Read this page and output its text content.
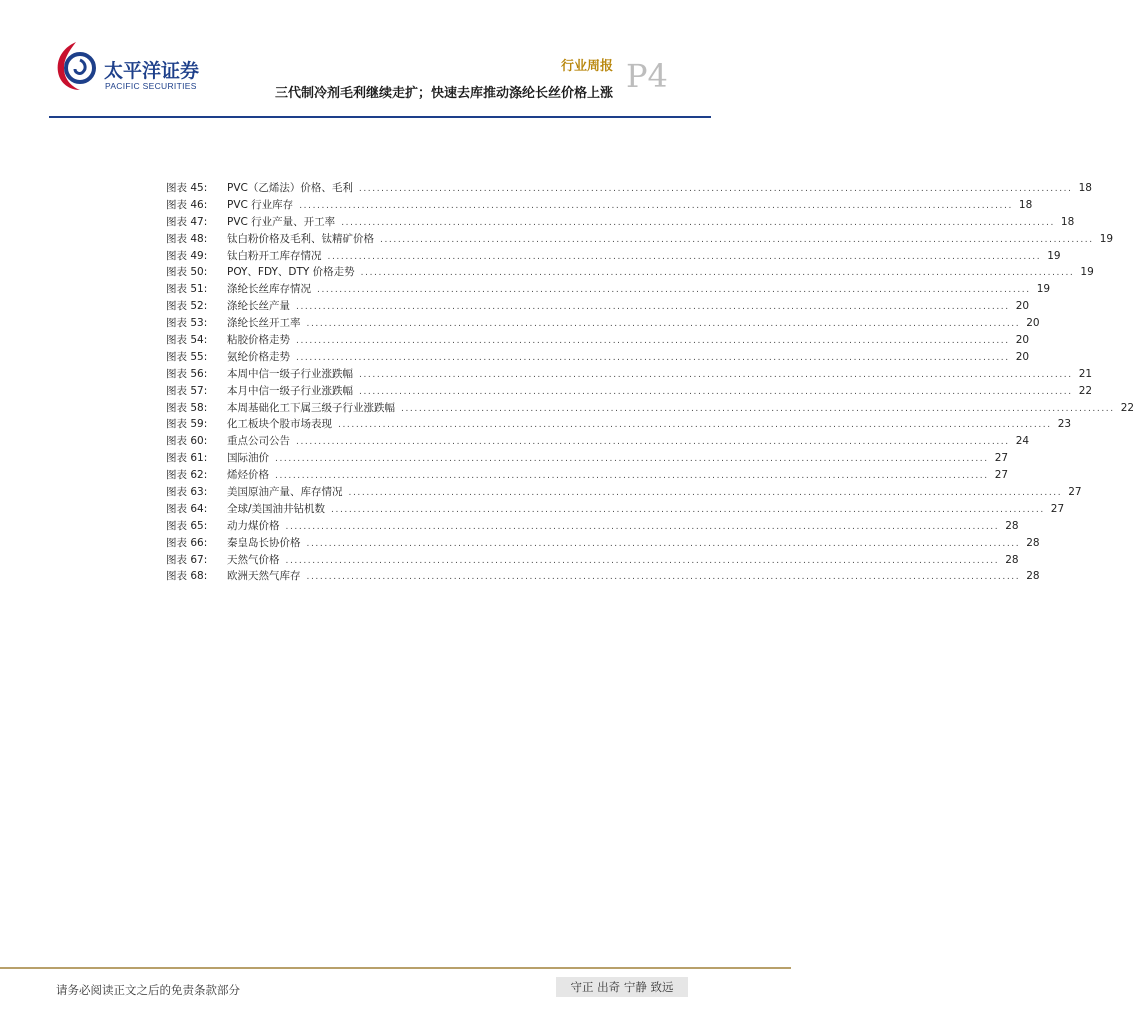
太平洋证券
PACIFIC SECURITIES
行业周报 P4
三代制冷剂毛利继续走扩；快速去库推动涤纶长丝价格上涨
图表 45:	PVC（乙烯法）价格、毛利 ................................................................................................................................................................ 18
图表 46:	PVC 行业库存 ................................................................................................................................................................ 18
图表 47:	PVC 行业产量、开工率 ................................................................................................................................................................ 18
图表 48:	钛白粉价格及毛利、钛精矿价格 ................................................................................................................................................................ 19
图表 49:	钛白粉开工库存情况 ................................................................................................................................................................ 19
图表 50:	POY、FDY、DTY 价格走势 ................................................................................................................................................................ 19
图表 51:	涤纶长丝库存情况 ................................................................................................................................................................ 19
图表 52:	涤纶长丝产量 ................................................................................................................................................................ 20
图表 53:	涤纶长丝开工率 ................................................................................................................................................................ 20
图表 54:	粘胶价格走势 ................................................................................................................................................................ 20
图表 55:	氨纶价格走势 ................................................................................................................................................................ 20
图表 56:	本周中信一级子行业涨跌幅 ................................................................................................................................................................ 21
图表 57:	本月中信一级子行业涨跌幅 ................................................................................................................................................................ 22
图表 58:	本周基础化工下属三级子行业涨跌幅 ................................................................................................................................................................ 22
图表 59:	化工板块个股市场表现 ................................................................................................................................................................ 23
图表 60:	重点公司公告 ................................................................................................................................................................ 24
图表 61:	国际油价 ................................................................................................................................................................ 27
图表 62:	烯烃价格 ................................................................................................................................................................ 27
图表 63:	美国原油产量、库存情况 ................................................................................................................................................................ 27
图表 64:	全球/美国油井钻机数 ................................................................................................................................................................ 27
图表 65:	动力煤价格 ................................................................................................................................................................ 28
图表 66:	秦皇岛长协价格 ................................................................................................................................................................ 28
图表 67:	天然气价格 ................................................................................................................................................................ 28
图表 68:	欧洲天然气库存 ................................................................................................................................................................ 28
请务必阅读正文之后的免责条款部分	守正 出奇 宁静 致远
